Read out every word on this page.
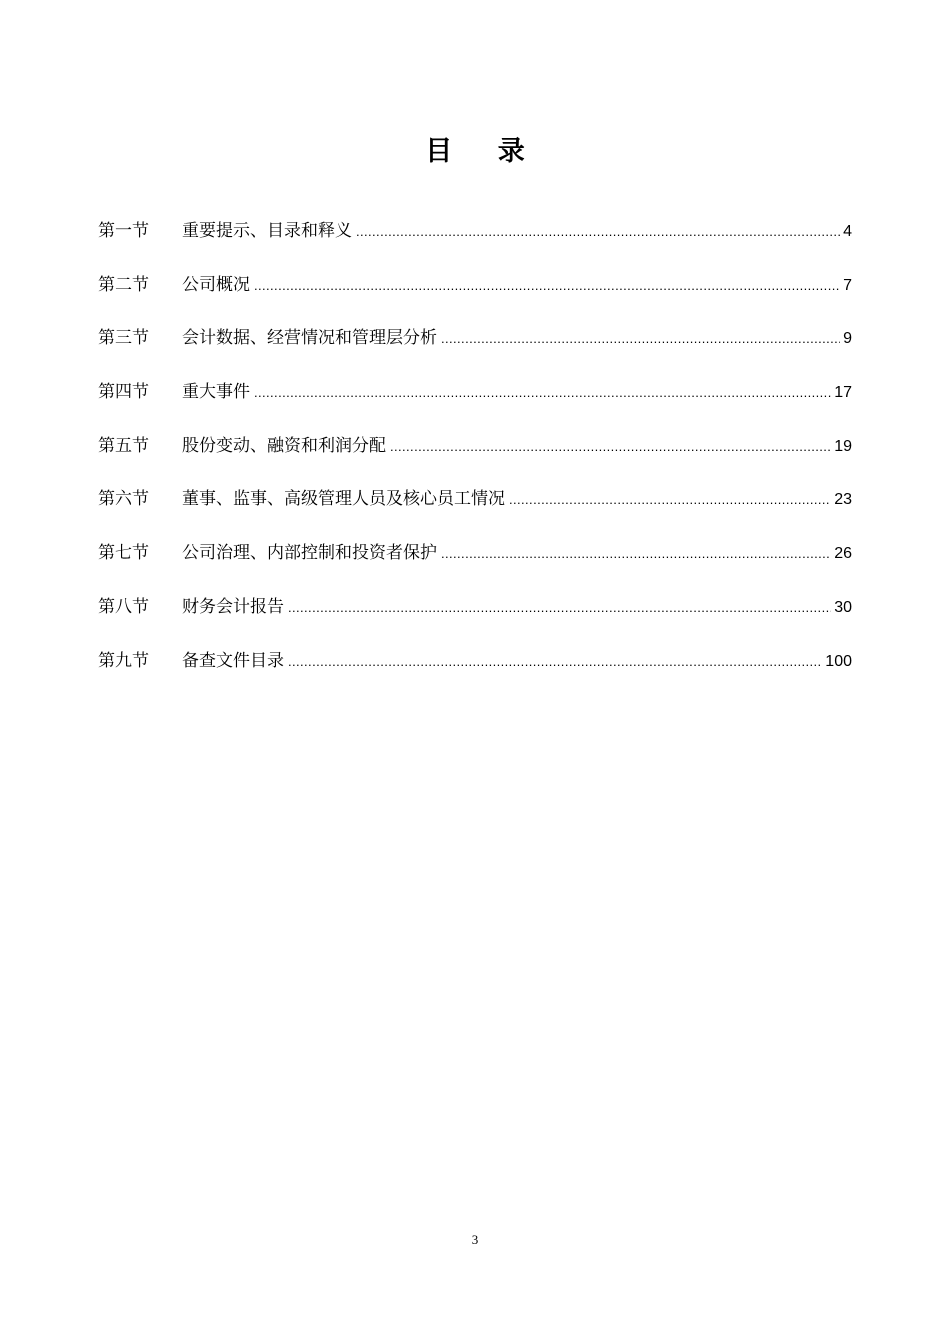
目 录
第一节	重要提示、目录和释义 .....	4
第二节	公司概况 .....	7
第三节	会计数据、经营情况和管理层分析 .....	9
第四节	重大事件 .....	17
第五节	股份变动、融资和利润分配 .....	19
第六节	董事、监事、高级管理人员及核心员工情况 .....	23
第七节	公司治理、内部控制和投资者保护 .....	26
第八节	财务会计报告 .....	30
第九节	备查文件目录 .....	100
3
